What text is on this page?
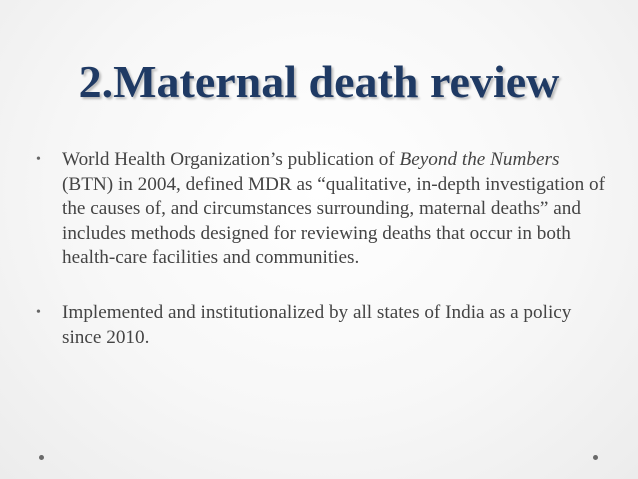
2.Maternal death review
•	World Health Organization’s publication of Beyond the Numbers (BTN) in 2004, defined MDR as “qualitative, in-depth investigation of the causes of, and circumstances surrounding, maternal deaths” and includes methods designed for reviewing deaths that occur in both health-care facilities and communities.
•	Implemented and institutionalized by all states of India as a policy since 2010.
